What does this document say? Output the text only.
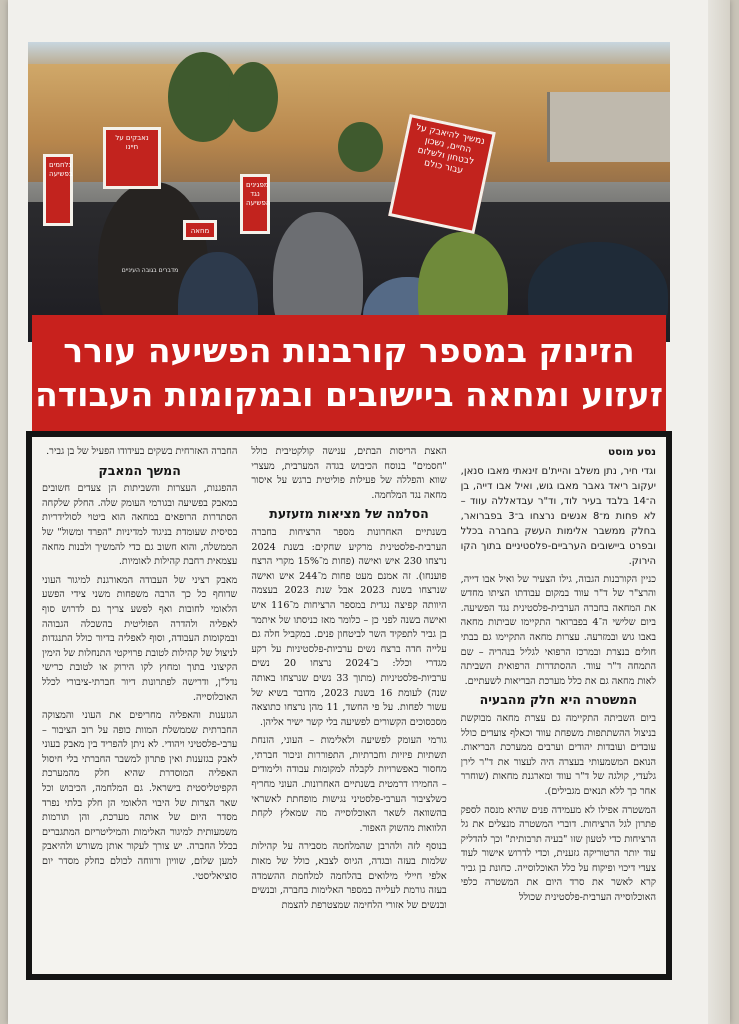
נאבקים על חיינו
נלחמים בפשיעה
מפגינים נגד הפשיעה
מחאה
נמשיך להיאבק על החיים, נשכון לבטחון ולשלום עבור כולם
מדברים בגובה העיניים
הזינוק במספר קורבנות הפשיעה עורר
זעזוע ומחאה ביישובים ובמקומות העבודה

נסע מוסט

וגדי חיר, נתן משלב והיית'ם זינאתי מאבו סנאן, יעקוב ריאד גאבר מאבו גוש, ואיל אבו דייה, בן ה־14 בלבד בעיר לוד, וד"ר עבדאללה עווד – לא פחות מ־8 אנשים נרצחו ב־3 בפברואר, בחלק ממשבר אלימות העשק בחברה בכלל ובפרט ביישובים הערביים-פלסטיניים בתוך הקו הירוק.

כניין הקורבנות הגבוה, גילו הצעיר של ואיל אבו דייה, והרצ"ר של ד"ר עווד במקום עבודתו הציתו מחדש את המחאה בחברה הערבית-פלסטינית נגד הפשיעה. ביום שלישי ה־4 בפברואר התקיימו שביתות מחאה באבו גוש ובמזרעה. עצרות מחאה התקיימו גם בבתי חולים בנצרת ובמרכז הרפואי לגליל בנהריה – שם התמחה ד"ר עווד. ההסתדרות הרפואית השביתה לאות מחאה גם את כלל מערכת הבריאות לשעתיים.

המשטרה היא חלק מהבעיה

ביום השביתה התקיימה גם עצרת מחאה מבוקשת בניצול ההשתתפות משפחת עווד וכאלף צועדים כולל עובדים ועובדות יהודים וערבים ממערכת הבריאות. הנואם המשמעותי בעצרה היה לעצור את ד"ר לירן גלעדי, קולגה של ד"ר עווד ומארגנת מחאות (שוחרר אחר כך ללא תנאים מגבילים).

המשטרה אפילו לא מעמידה פנים שהיא מנסה לספק פתרון לגל הרציחות. דוברי המשטרה מנצלים את גל הרציחות כדי לטעון שזו "בעיה תרבותית" וכך להדליק עוד יותר הרטוריקה גזענית, וכדי לדרוש אישור לעוד צעדי דיכוי ופיקוח על כלל האוכלוסייה. כחונת בן גביר קרא לאשר את סרד היום את המשטרה כלפי האוכלוסייה הערבית-פלסטינית שכולל

האצת הריסות הבתים, ענישה קולקטיבית כולל "חסמים" בנוסח הכיבוש בגדה המערבית, מעצרי שווא והפללה של פעילות פוליטית ברגש על איסור מחאה נגד המלחמה.

הסלמה של מציאות מזעזעת

בשנתיים האחרונות מספר הרציחות בחברה הערבית-פלסטינית מרקיע שחקים: בשנת 2024 נרצחו 230 איש ואישה (פחות מ־15% מקרי הרצח פוענחו). זה אמנם מעט פחות מ־244 איש ואישה שנרצחו בשנת 2023 אבל שנת 2023 בעצמה היוותה קפיצה נגדית במספר הרציחות מ־116 איש ואישה בשנה לפני כן – כלומר מאז כניסתו של איתמר בן גביר לתפקיד השר לביטחון פנים. במקביל חלה גם עלייה חדה ברצח נשים ערביות-פלסטיניות על רקע מגדרי וכלל: ב־2024 נרצחו 20 נשים ערביות-פלסטיניות (מתוך 33 נשים שנרצחו באותה שנה) לעומת 16 בשנת 2023, מדובר בשיא של עשור לפחות. על פי החשד, 11 מהן נרצחו כתוצאה מסכסוכים הקשורים לפשיעה בלי קשר ישיר אליהן.

גורמי העומק לפשיעה ולאלימות – העוני, הזנחת תשתיות פיזיות וחברתיות, התפוררות וניכור חברתי, מחסור באפשרויות לקבלה למקומות עבודה ולימודים – החמירו דרמטית בשנתיים האחרונות. העוני מחריף כשלציבור הערבי-פלסטיני נגישות מופחתת לאשראי בהשוואה לשאר האוכלוסייה מה שמאלץ לקחת הלוואות מהשוק האפור.

בנוסף לזה ולהרבן שהמלחמה מסבירה על קהילות שלמות בעזה ובגדה, הגיוס לצבא, כולל של מאות אלפי חיילי מילואים בהלחמה למלחמת ההשמדה בעזה גורמת לעלייה במספר האלימות בחברה, ובנשים ובנשים של אזורי הלחימה שמצטרפת להצמת

החברה האזרחית בשקים בעידודו הפעיל של בן גביר.

המשך המאבק

ההפגנות, העצרות והשביתות הן צעדים חשובים במאבק בפשיעה ובגורמי העומק שלה. החלק שלקחה הסתדרות הרופאים במחאה הוא ביטוי לסולידריות בסיסית שעומדת בניגוד למדיניות "הפרד ומשול" של הממשלה, והוא חשוב גם כדי להמשיך ולבנות מחאה עצמאית רחבת קהילות לאומיות.

מאבק רציני של העבודה המאורגנת למיגור העוני שדוחף כל כך הרבה משפחות משני צידי הפשע הלאומי לחובות ואף לפשע צריך גם לדרוש סוף לאפליה ולהדרה הפוליטית בהשכלה הגבוהה ובמקומות העבודה, וסוף לאפליה בדיור כולל התנגדות לניצול של קהילות לטובת פרויקטי התנחלות של הימין הקיצוני בתוך ומחוץ לקו הירוק או לטובת כרישי נדל"ן, ודרישה לפתרונות דיור חברתי-ציבורי לכלל האוכלוסייה.

הגזענות והאפליה מחריפים את העוני והמצוקה החברתית שממשלת המוות כופה על רוב הציבור – ערבי-פלסטיני ויהודי. לא ניתן להפריד בין מאבק בעוני לאבק בגזענות ואין פתרון למשבר החברתי בלי חיסול האפליה המוסדרת שהיא חלק מהמערכת הקפיטליסטית בישראל. גם המלחמה, הכיבוש וכל שאר הצרות של היבוי הלאומי הן חלק בלתי נפרד מסדר היום של אותה מערכת, והן תורמות משמעותית למיגור האלימות והמיליטריזם המתגברים בכלל החברה. יש צורך לעקור אותן משורש ולהיאבק למען שלום, שוויון ורווחה לכולם כחלק מסדר יום סוציאליסטי.
